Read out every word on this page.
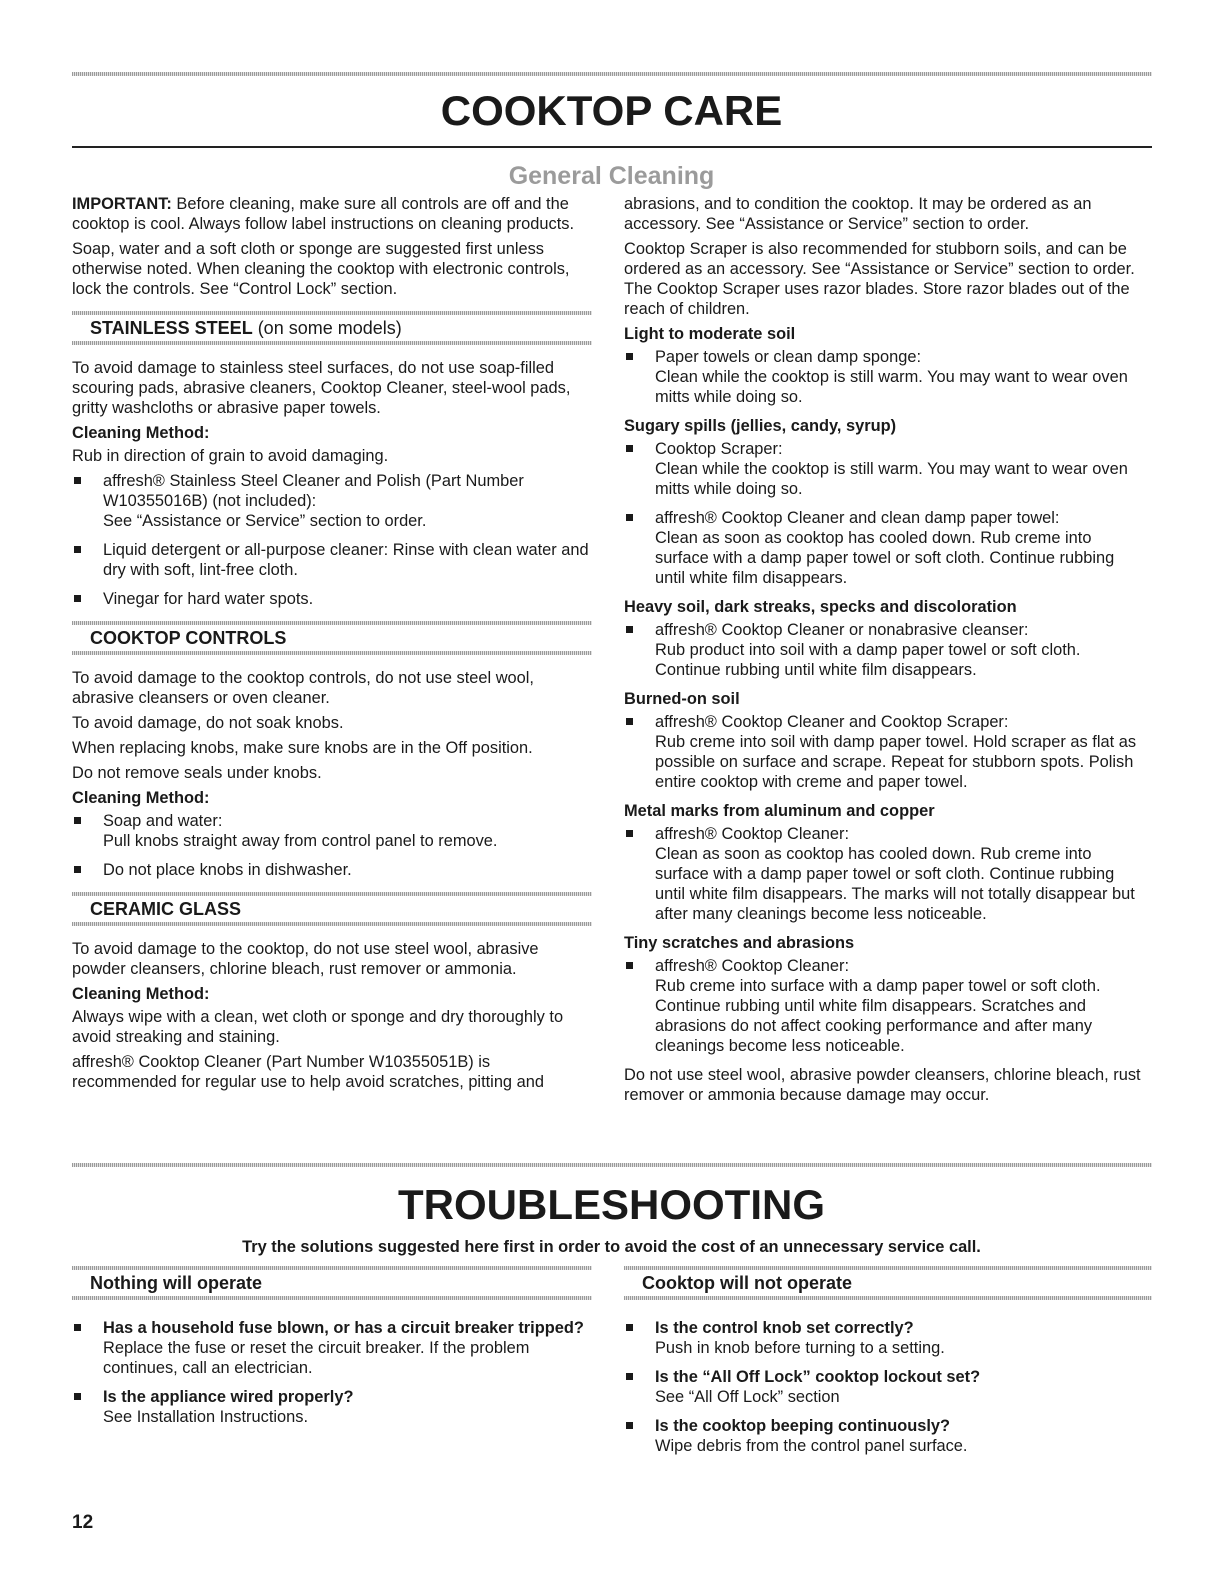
COOKTOP CARE
General Cleaning

IMPORTANT: Before cleaning, make sure all controls are off and the cooktop is cool. Always follow label instructions on cleaning products.

Soap, water and a soft cloth or sponge are suggested first unless otherwise noted. When cleaning the cooktop with electronic controls, lock the controls. See “Control Lock” section.

STAINLESS STEEL (on some models)

To avoid damage to stainless steel surfaces, do not use soap-filled scouring pads, abrasive cleaners, Cooktop Cleaner, steel-wool pads, gritty washcloths or abrasive paper towels.

Cleaning Method:

Rub in direction of grain to avoid damaging.

affresh® Stainless Steel Cleaner and Polish (Part Number W10355016B) (not included):
See “Assistance or Service” section to order.
Liquid detergent or all-purpose cleaner: Rinse with clean water and dry with soft, lint-free cloth.
Vinegar for hard water spots.
COOKTOP CONTROLS

To avoid damage to the cooktop controls, do not use steel wool, abrasive cleansers or oven cleaner.

To avoid damage, do not soak knobs.

When replacing knobs, make sure knobs are in the Off position.

Do not remove seals under knobs.

Cleaning Method:

Soap and water:
Pull knobs straight away from control panel to remove.
Do not place knobs in dishwasher.
CERAMIC GLASS

To avoid damage to the cooktop, do not use steel wool, abrasive powder cleansers, chlorine bleach, rust remover or ammonia.

Cleaning Method:

Always wipe with a clean, wet cloth or sponge and dry thoroughly to avoid streaking and staining.

affresh® Cooktop Cleaner (Part Number W10355051B) is recommended for regular use to help avoid scratches, pitting and

abrasions, and to condition the cooktop. It may be ordered as an accessory. See “Assistance or Service” section to order.

Cooktop Scraper is also recommended for stubborn soils, and can be ordered as an accessory. See “Assistance or Service” section to order. The Cooktop Scraper uses razor blades. Store razor blades out of the reach of children.

Light to moderate soil

Paper towels or clean damp sponge:
Clean while the cooktop is still warm. You may want to wear oven mitts while doing so.

Sugary spills (jellies, candy, syrup)

Cooktop Scraper:
Clean while the cooktop is still warm. You may want to wear oven mitts while doing so.
affresh® Cooktop Cleaner and clean damp paper towel:
Clean as soon as cooktop has cooled down. Rub creme into surface with a damp paper towel or soft cloth. Continue rubbing until white film disappears.

Heavy soil, dark streaks, specks and discoloration

affresh® Cooktop Cleaner or nonabrasive cleanser:
Rub product into soil with a damp paper towel or soft cloth. Continue rubbing until white film disappears.

Burned-on soil

affresh® Cooktop Cleaner and Cooktop Scraper:
Rub creme into soil with damp paper towel. Hold scraper as flat as possible on surface and scrape. Repeat for stubborn spots. Polish entire cooktop with creme and paper towel.

Metal marks from aluminum and copper

affresh® Cooktop Cleaner:
Clean as soon as cooktop has cooled down. Rub creme into surface with a damp paper towel or soft cloth. Continue rubbing until white film disappears. The marks will not totally disappear but after many cleanings become less noticeable.

Tiny scratches and abrasions

affresh® Cooktop Cleaner:
Rub creme into surface with a damp paper towel or soft cloth. Continue rubbing until white film disappears. Scratches and abrasions do not affect cooking performance and after many cleanings become less noticeable.

Do not use steel wool, abrasive powder cleansers, chlorine bleach, rust remover or ammonia because damage may occur.

TROUBLESHOOTING
Try the solutions suggested here first in order to avoid the cost of an unnecessary service call.
Nothing will operate
Has a household fuse blown, or has a circuit breaker tripped?
Replace the fuse or reset the circuit breaker. If the problem continues, call an electrician.
Is the appliance wired properly?
See Installation Instructions.
Cooktop will not operate
Is the control knob set correctly?
Push in knob before turning to a setting.
Is the “All Off Lock” cooktop lockout set?
See “All Off Lock” section
Is the cooktop beeping continuously?
Wipe debris from the control panel surface.
12
